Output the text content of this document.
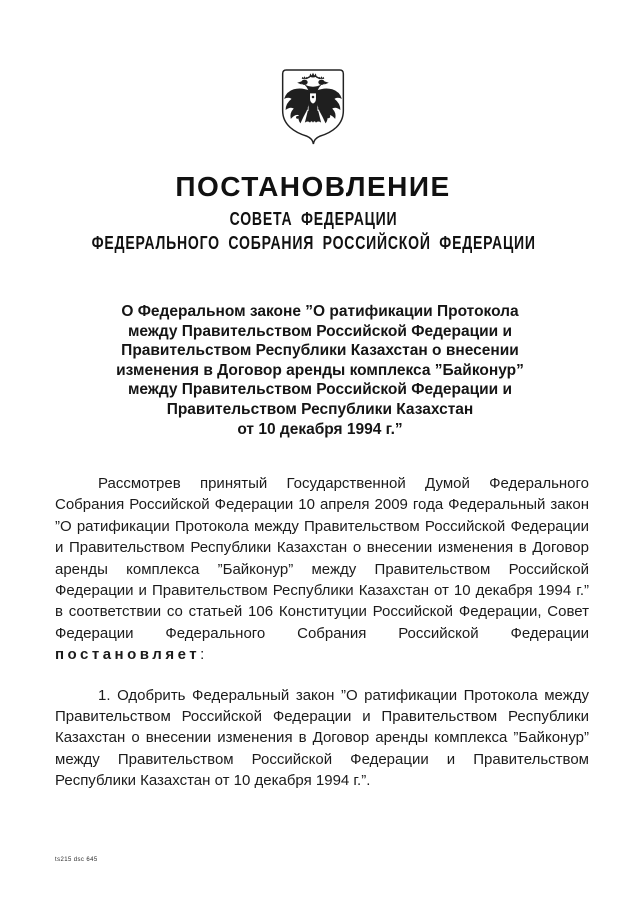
ПОСТАНОВЛЕНИЕ
СОВЕТА ФЕДЕРАЦИИ
ФЕДЕРАЛЬНОГО СОБРАНИЯ РОССИЙСКОЙ ФЕДЕРАЦИИ
О Федеральном законе ”О ратификации Протокола
между Правительством Российской Федерации и
Правительством Республики Казахстан о внесении
изменения в Договор аренды комплекса ”Байконур”
между Правительством Российской Федерации и
Правительством Республики Казахстан
от 10 декабря 1994 г.”

Рассмотрев принятый Государственной Думой Федерального Собрания Российской Федерации 10 апреля 2009 года Федеральный закон ”О ратификации Протокола между Правительством Российской Федерации и Правительством Республики Казахстан о внесении изменения в Договор аренды комплекса ”Байконур” между Правительством Российской Федерации и Правительством Республики Казахстан от 10 декабря 1994 г.” в соответствии со статьей 106 Конституции Российской Федерации, Совет Федерации Федерального Собрания Российской Федерации постановляет:

1. Одобрить Федеральный закон ”О ратификации Протокола между Правительством Российской Федерации и Правительством Республики Казахстан о внесении изменения в Договор аренды комплекса ”Байконур” между Правительством Российской Федерации и Правительством Республики Казахстан от 10 декабря 1994 г.”.

ts215 dsc 645
